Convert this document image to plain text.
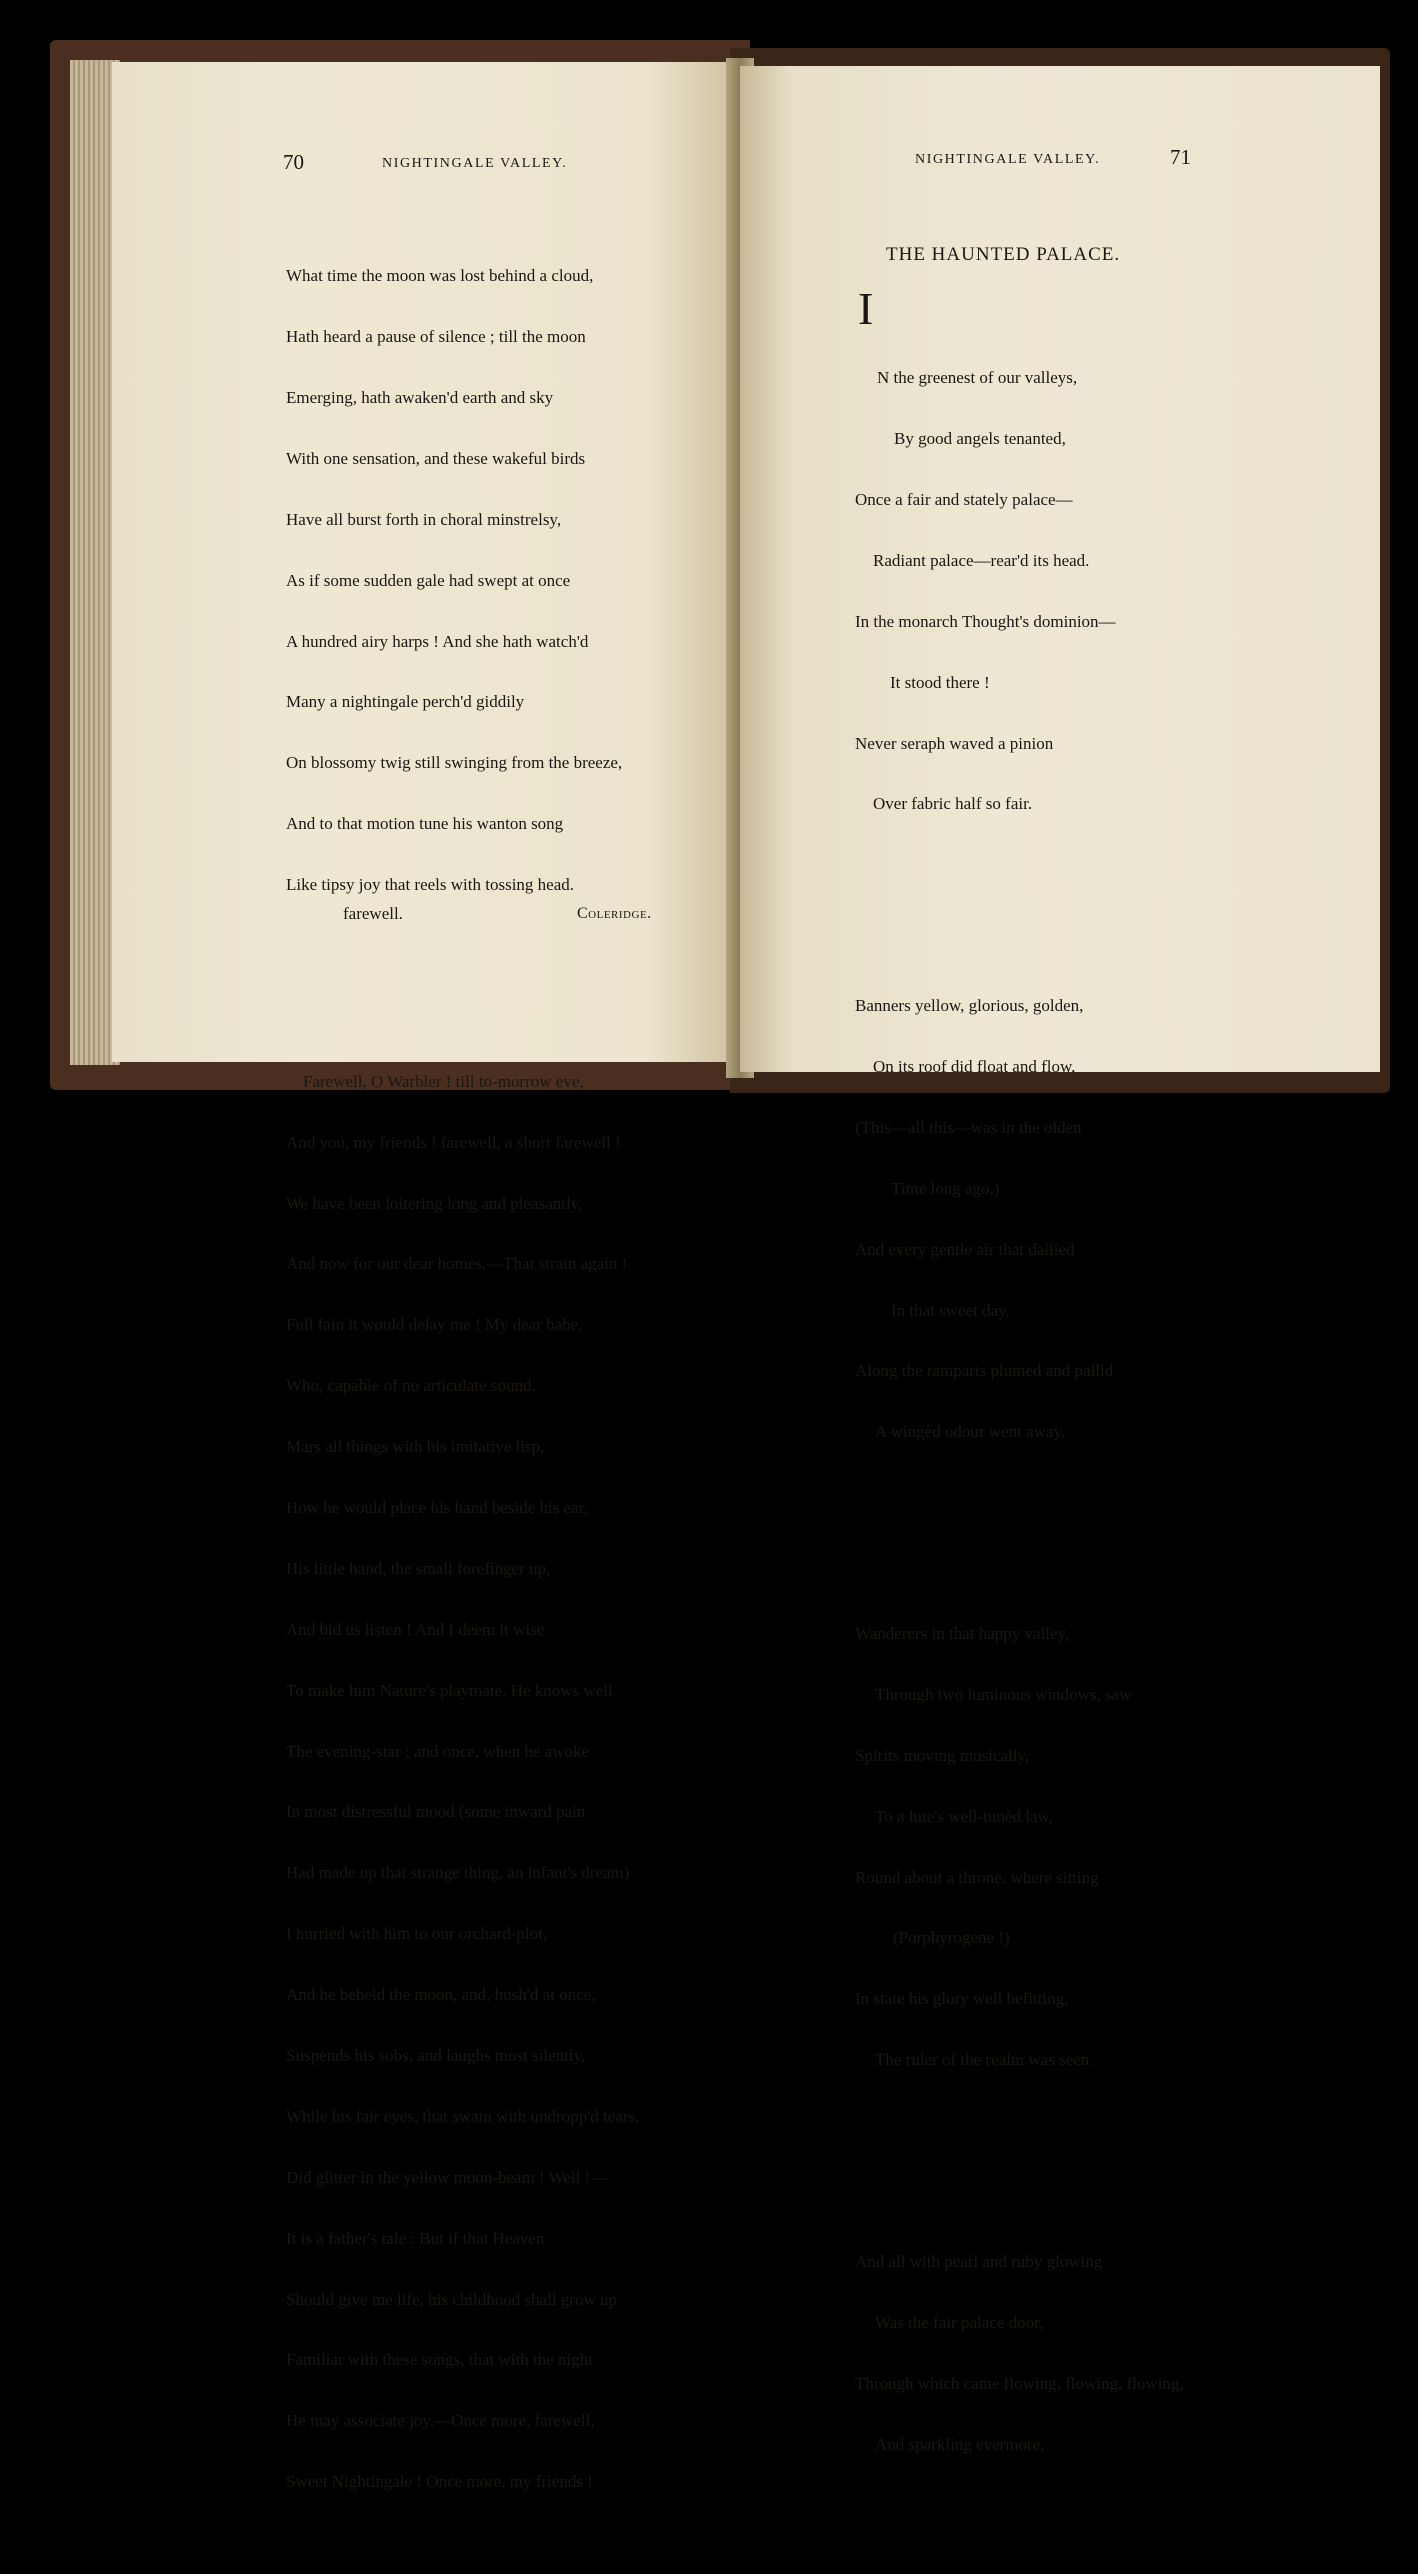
70	NIGHTINGALE VALLEY.

What time the moon was lost behind a cloud,

Hath heard a pause of silence ; till the moon

Emerging, hath awaken'd earth and sky

With one sensation, and these wakeful birds

Have all burst forth in choral minstrelsy,

As if some sudden gale had swept at once

A hundred airy harps ! And she hath watch'd

Many a nightingale perch'd giddily

On blossomy twig still swinging from the breeze,

And to that motion tune his wanton song

Like tipsy joy that reels with tossing head.

Farewell, O Warbler ! till to-morrow eve,

And you, my friends ! farewell, a short farewell !

We have been loitering long and pleasantly,

And now for our dear homes.—That strain again !

Full fain it would delay me ! My dear babe,

Who, capable of no articulate sound,

Mars all things with his imitative lisp,

How he would place his hand beside his ear,

His little hand, the small forefinger up,

And bid us listen ! And I deem it wise

To make him Nature's playmate. He knows well

The evening-star ; and once, when he awoke

In most distressful mood (some inward pain

Had made up that strange thing, an infant's dream)

I hurried with him to our orchard-plot,

And he beheld the moon, and, hush'd at once,

Suspends his sobs, and laughs most silently,

While his fair eyes, that swam with undropp'd tears,

Did glitter in the yellow moon-beam ! Well !—

It is a father's tale : But if that Heaven

Should give me life, his childhood shall grow up

Familiar with these songs, that with the night

He may associate joy.—Once more, farewell,

Sweet Nightingale ! Once more, my friends !

farewell.	Coleridge.
NIGHTINGALE VALLEY.	71
THE HAUNTED PALACE.
I

N the greenest of our valleys,

By good angels tenanted,

Once a fair and stately palace—

Radiant palace—rear'd its head.

In the monarch Thought's dominion—

It stood there !

Never seraph waved a pinion

Over fabric half so fair.

Banners yellow, glorious, golden,

On its roof did float and flow,

(This—all this—was in the olden

Time long ago,)

And every gentle air that dallied

In that sweet day,

Along the ramparts plumed and pallid

A wingèd odour went away.

Wanderers in that happy valley,

Through two luminous windows, saw

Spirits moving musically,

To a lute's well-tunèd law,

Round about a throne, where sitting

(Porphyrogene !)

In state his glory well befitting,

The ruler of the realm was seen.

And all with pearl and ruby glowing

Was the fair palace door,

Through which came flowing, flowing, flowing,

And sparkling evermore,
